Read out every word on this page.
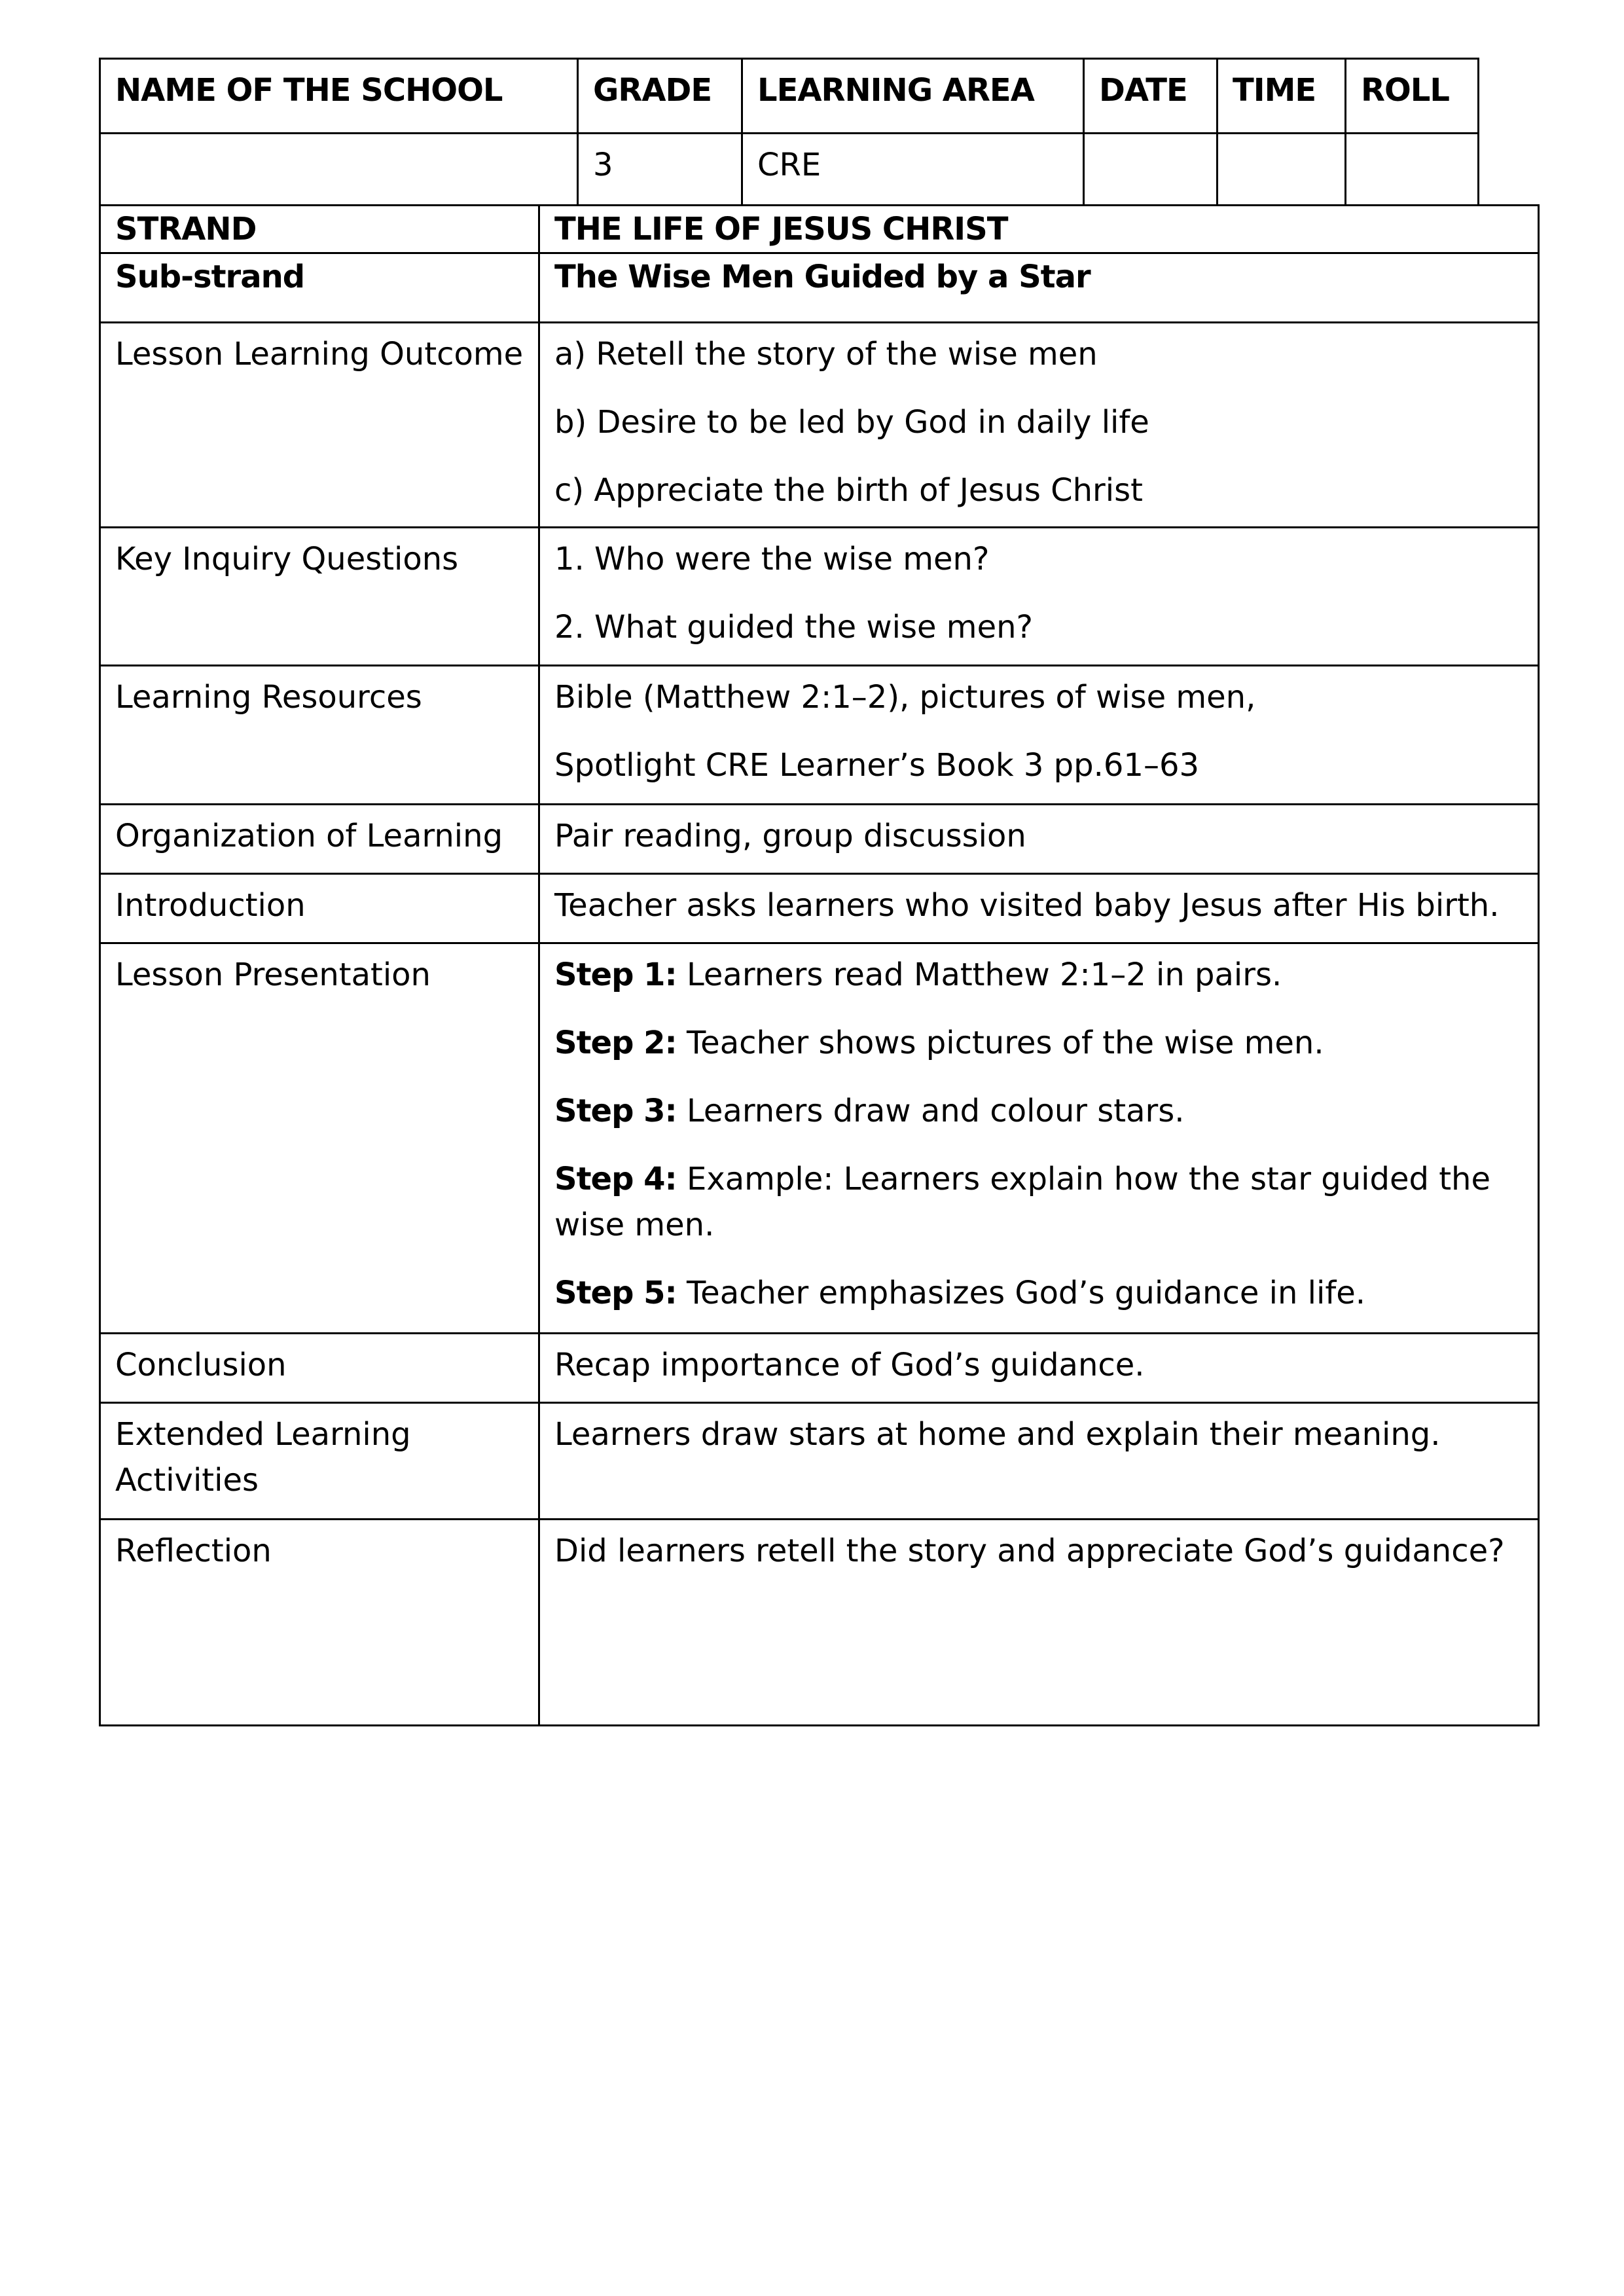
NAME OF THE SCHOOL	GRADE	LEARNING AREA	DATE	TIME	ROLL
	3	CRE			
STRAND	THE LIFE OF JESUS CHRIST
Sub-strand	The Wise Men Guided by a Star
Lesson Learning Outcome	a) Retell the story of the wise men

b) Desire to be led by God in daily life

c) Appreciate the birth of Jesus Christ

Key Inquiry Questions	1. Who were the wise men?

2. What guided the wise men?

Learning Resources	Bible (Matthew 2:1–2), pictures of wise men,

Spotlight CRE Learner’s Book 3 pp.61–63

Organization of Learning	Pair reading, group discussion
Introduction	Teacher asks learners who visited baby Jesus after His birth.
Lesson Presentation	Step 1: Learners read Matthew 2:1–2 in pairs.

Step 2: Teacher shows pictures of the wise men.

Step 3: Learners draw and colour stars.

Step 4: Example: Learners explain how the star guided the wise men.

Step 5: Teacher emphasizes God’s guidance in life.

Conclusion	Recap importance of God’s guidance.
Extended Learning Activities	Learners draw stars at home and explain their meaning.
Reflection	Did learners retell the story and appreciate God’s guidance?
